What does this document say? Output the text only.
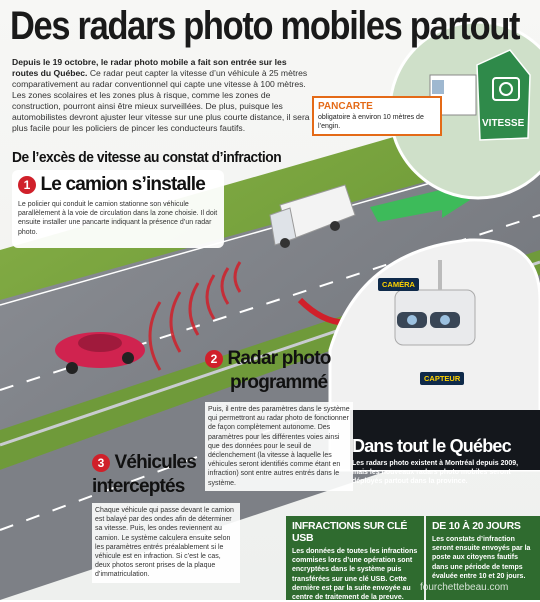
Des radars photo mobiles partout
Depuis le 19 octobre, le radar photo mobile a fait son entrée sur les routes du Québec. Ce radar peut capter la vitesse d’un véhicule à 25 mètres comparativement au radar conventionnel qui capte une vitesse à 100 mètres. Les zones scolaires et les zones plus à risque, comme les zones de construction, pourront ainsi être mieux surveillées. De plus, puisque les automobilistes devront ajuster leur vitesse sur une plus courte distance, il sera plus facile pour les policiers de pincer les conducteurs fautifs.
PANCARTE
obligatoire à environ 10 mètres de l’engin.	VITESSE
De l’excès de vitesse au constat d’infraction
1 Le camion s’installe
Le policier qui conduit le camion stationne son véhicule parallèlement à la voie de circulation dans la zone choisie. Il doit ensuite installer une pancarte indiquant la présence d’un radar photo.
2 Radar photo
programmé
Puis, il entre des paramètres dans le système qui permettront au radar photo de fonctionner de façon complètement autonome. Des paramètres pour les différentes voies ainsi que des données pour le seuil de déclenchement (la vitesse à laquelle les véhicules seront identifiés comme étant en infraction) sont entre autres entrés dans le système.
3 Véhicules
interceptés
Chaque véhicule qui passe devant le camion est balayé par des ondes afin de déterminer sa vitesse. Puis, les ondes reviennent au camion. Le système calculera ensuite selon les paramètres entrés préalablement si le véhicule est en infraction. Si c’est le cas, deux photos seront prises de la plaque d’immatriculation.
CAMÉRA
CAPTEUR
Dans tout le Québec
Les radars photo existent à Montréal depuis 2009, mais les nouveaux radars photo mobiles seront déployés partout dans la province.
INFRACTIONS SUR CLÉ USB
Les données de toutes les infractions commises lors d’une opération sont encryptées dans le système puis transférées sur une clé USB. Cette dernière est par la suite envoyée au centre de traitement de la preuve.
DE 10 À 20 JOURS
Les constats d’infraction seront ensuite envoyés par la poste aux citoyens fautifs dans une période de temps évaluée entre 10 et 20 jours.
fourchettebeau.com
